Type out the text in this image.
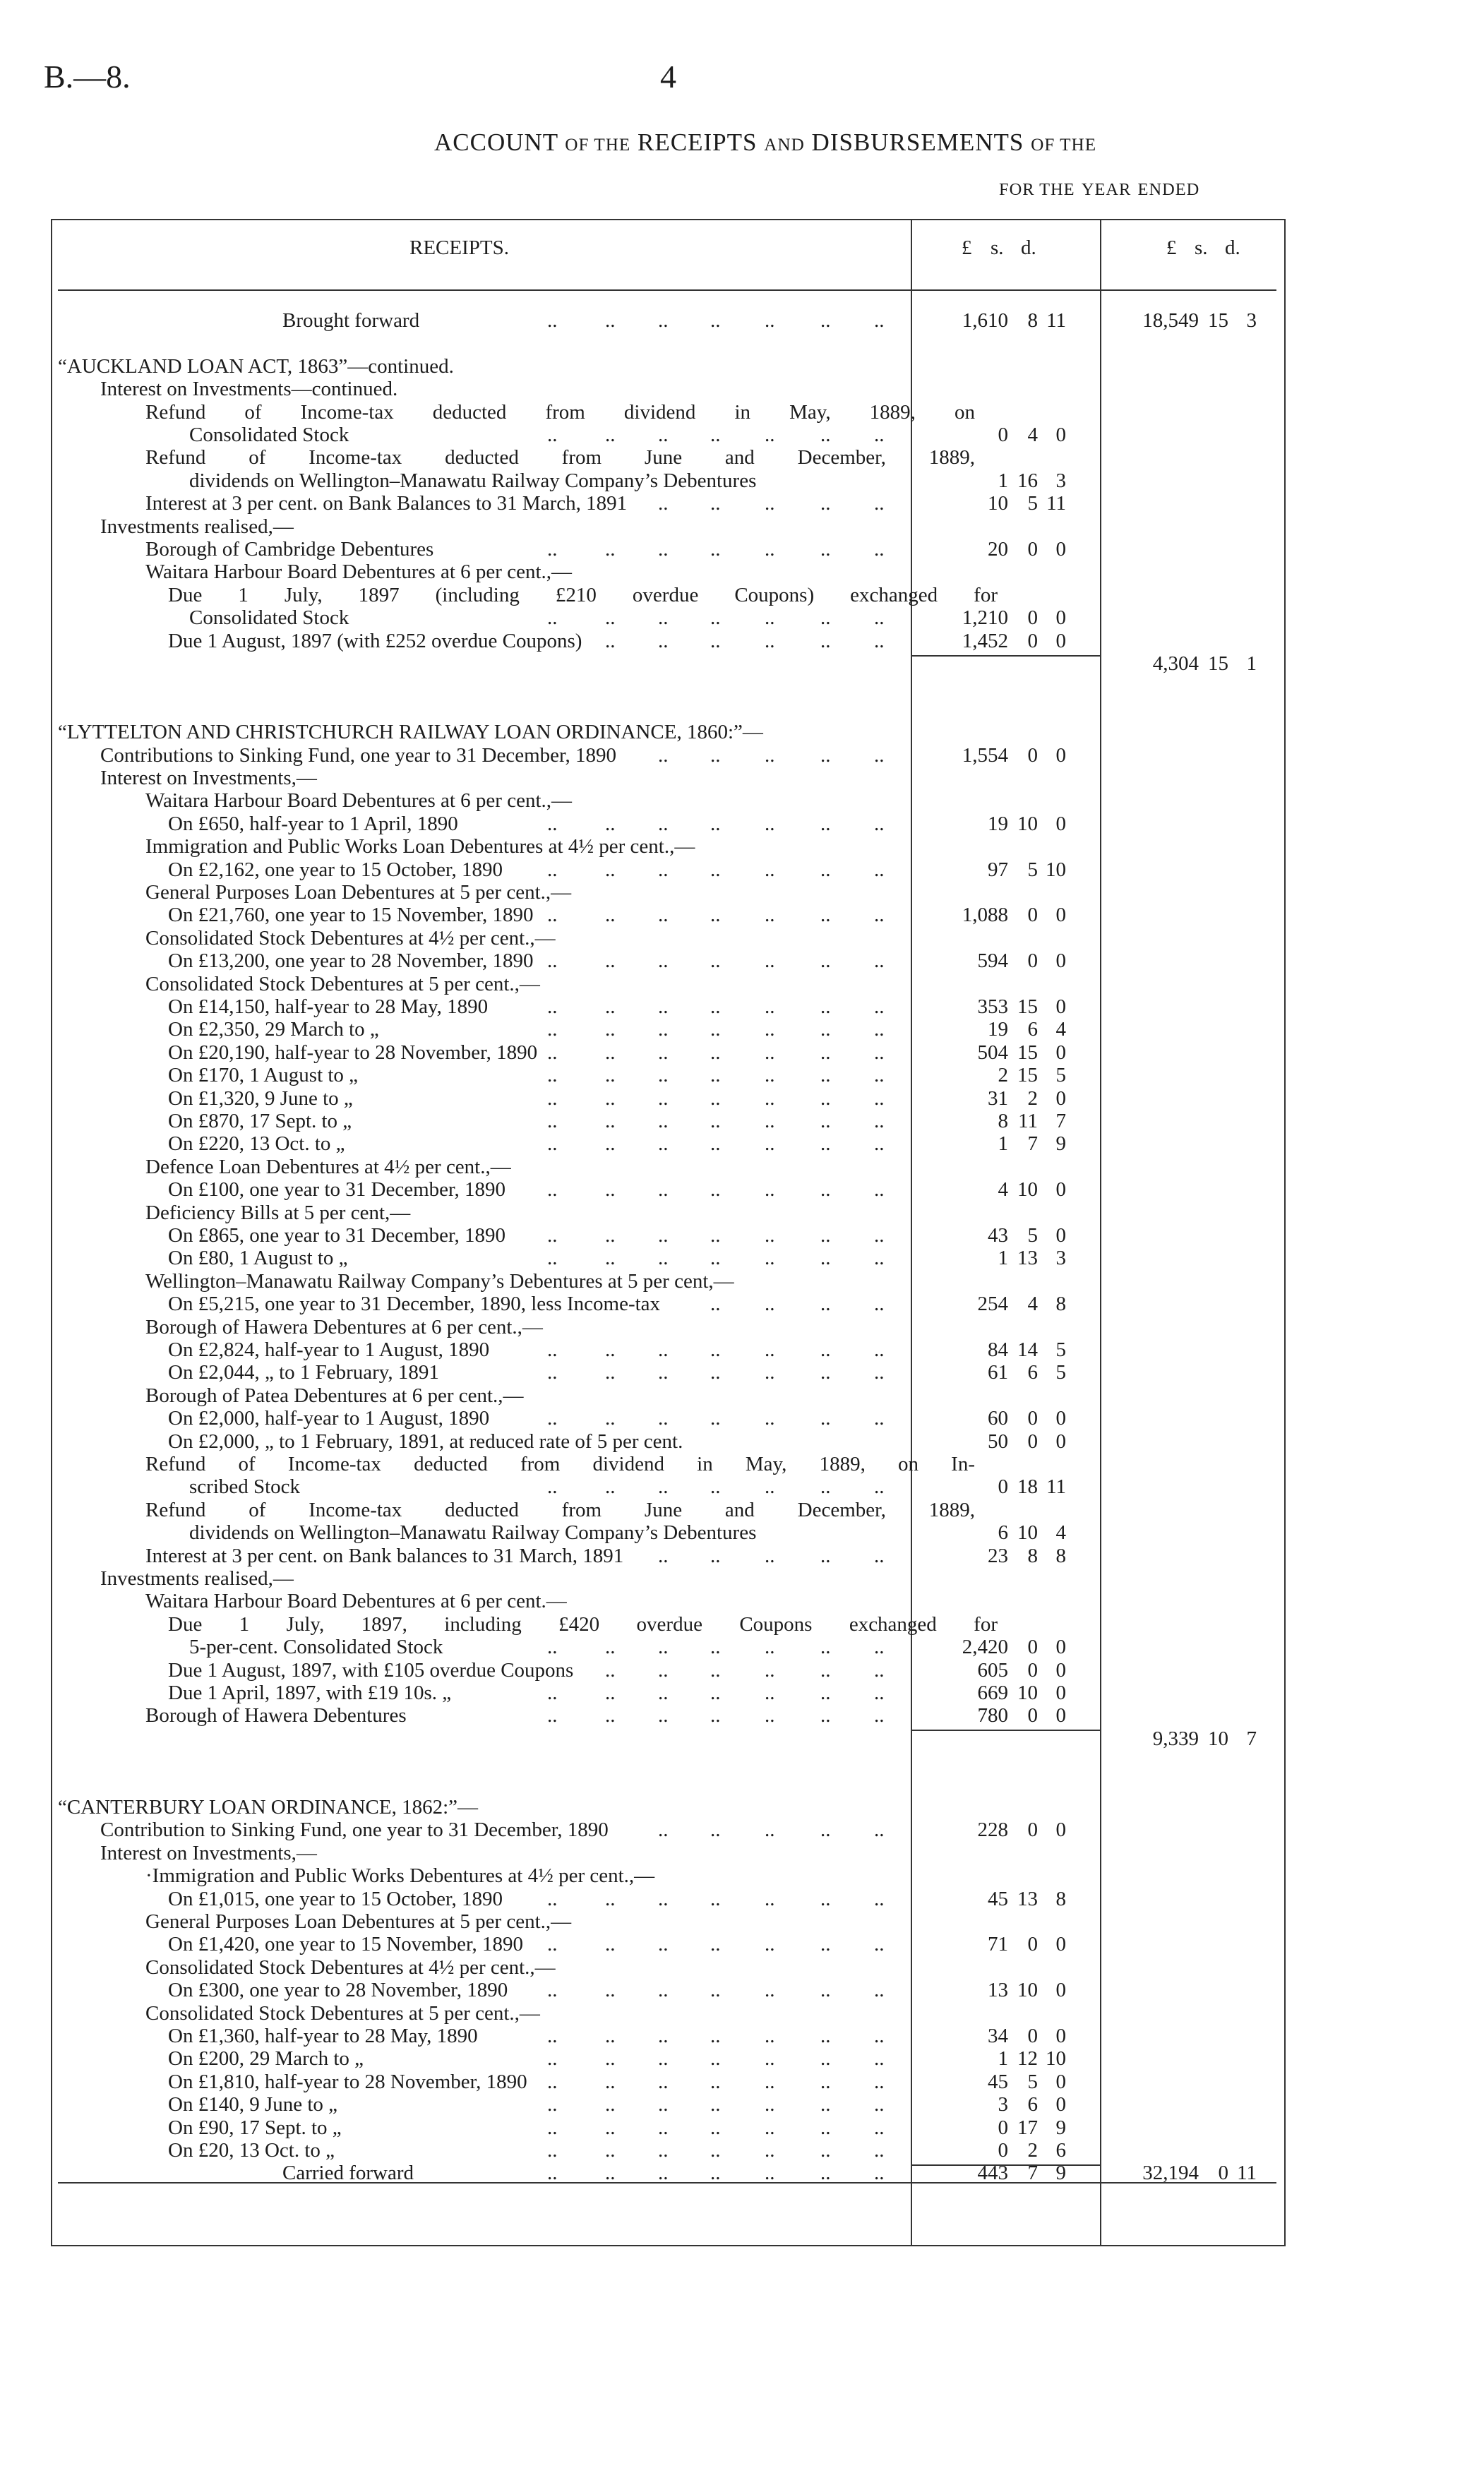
B.—8.	4
ACCOUNT OF THE RECEIPTS AND DISBURSEMENTS OF THE
FOR THE YEAR ENDED
RECEIPTS.	£ s. d.	£ s. d.
Brought forward	.. .. .. .. .. .. ..	1,610 8 11	18,549 15 3
“AUCKLAND LOAN ACT, 1863”—continued.
Interest on Investments—continued.
Refund of Income-tax deducted from dividend in May, 1889, on
Consolidated Stock	.. .. .. .. .. .. ..	0 4 0
Refund of Income-tax deducted from June and December, 1889,
dividends on Wellington–Manawatu Railway Company’s Debentures	1 16 3
Interest at 3 per cent. on Bank Balances to 31 March, 1891 .. .. .. .. ..	10 5 11
Investments realised,—
Borough of Cambridge Debentures	.. .. .. .. .. .. ..	20 0 0
Waitara Harbour Board Debentures at 6 per cent.,—
Due 1 July, 1897 (including £210 overdue Coupons) exchanged for
Consolidated Stock	.. .. .. .. .. .. ..	1,210 0 0
Due 1 August, 1897 (with £252 overdue Coupons) .. .. .. .. .. ..	1,452 0 0
4,304 15 1
“LYTTELTON AND CHRISTCHURCH RAILWAY LOAN ORDINANCE, 1860:”—
Contributions to Sinking Fund, one year to 31 December, 1890 .. .. .. .. ..	1,554 0 0
Interest on Investments,—
Waitara Harbour Board Debentures at 6 per cent.,—
On £650, half-year to 1 April, 1890	.. .. .. .. .. .. ..	19 10 0
Immigration and Public Works Loan Debentures at 4½ per cent.,—
On £2,162, one year to 15 October, 1890 .. .. .. .. .. .. ..	97 5 10
General Purposes Loan Debentures at 5 per cent.,—
On £21,760, one year to 15 November, 1890 .. .. .. .. .. .. ..	1,088 0 0
Consolidated Stock Debentures at 4½ per cent.,—
On £13,200, one year to 28 November, 1890 .. .. .. .. .. .. ..	594 0 0
Consolidated Stock Debentures at 5 per cent.,—
On £14,150, half-year to 28 May, 1890	.. .. .. .. .. .. ..	353 15 0
On £2,350, 29 March to „	.. .. .. .. .. .. ..	19 6 4
On £20,190, half-year to 28 November, 1890 .. .. .. .. .. .. ..	504 15 0
On £170, 1 August to „	.. .. .. .. .. .. ..	2 15 5
On £1,320, 9 June to „	.. .. .. .. .. .. ..	31 2 0
On £870, 17 Sept. to „	.. .. .. .. .. .. ..	8 11 7
On £220, 13 Oct. to „	.. .. .. .. .. .. ..	1 7 9
Defence Loan Debentures at 4½ per cent.,—
On £100, one year to 31 December, 1890 .. .. .. .. .. .. ..	4 10 0
Deficiency Bills at 5 per cent,—
On £865, one year to 31 December, 1890 .. .. .. .. .. .. ..	43 5 0
On £80, 1 August to „	.. .. .. .. .. .. ..	1 13 3
Wellington–Manawatu Railway Company’s Debentures at 5 per cent,—
On £5,215, one year to 31 December, 1890, less Income-tax .. .. .. ..	254 4 8
Borough of Hawera Debentures at 6 per cent.,—
On £2,824, half-year to 1 August, 1890	.. .. .. .. .. .. ..	84 14 5
On £2,044, „ to 1 February, 1891	.. .. .. .. .. .. ..	61 6 5
Borough of Patea Debentures at 6 per cent.,—
On £2,000, half-year to 1 August, 1890	.. .. .. .. .. .. ..	60 0 0
On £2,000, „ to 1 February, 1891, at reduced rate of 5 per cent.	50 0 0
Refund of Income-tax deducted from dividend in May, 1889, on In-
scribed Stock	.. .. .. .. .. .. ..	0 18 11
Refund of Income-tax deducted from June and December, 1889,
dividends on Wellington–Manawatu Railway Company’s Debentures	6 10 4
Interest at 3 per cent. on Bank balances to 31 March, 1891 .. .. .. .. ..	23 8 8
Investments realised,—
Waitara Harbour Board Debentures at 6 per cent.—
Due 1 July, 1897, including £420 overdue Coupons exchanged for
5-per-cent. Consolidated Stock	.. .. .. .. .. .. ..	2,420 0 0
Due 1 August, 1897, with £105 overdue Coupons .. .. .. .. .. ..	605 0 0
Due 1 April, 1897, with £19 10s. „	.. .. .. .. .. .. ..	669 10 0
Borough of Hawera Debentures	.. .. .. .. .. .. ..	780 0 0
9,339 10 7
“CANTERBURY LOAN ORDINANCE, 1862:”—
Contribution to Sinking Fund, one year to 31 December, 1890 .. .. .. .. ..	228 0 0
Interest on Investments,—
·Immigration and Public Works Debentures at 4½ per cent.,—
On £1,015, one year to 15 October, 1890 .. .. .. .. .. .. ..	45 13 8
General Purposes Loan Debentures at 5 per cent.,—
On £1,420, one year to 15 November, 1890 .. .. .. .. .. .. ..	71 0 0
Consolidated Stock Debentures at 4½ per cent.,—
On £300, one year to 28 November, 1890 .. .. .. .. .. .. ..	13 10 0
Consolidated Stock Debentures at 5 per cent.,—
On £1,360, half-year to 28 May, 1890	.. .. .. .. .. .. ..	34 0 0
On £200, 29 March to „	.. .. .. .. .. .. ..	1 12 10
On £1,810, half-year to 28 November, 1890 .. .. .. .. .. .. ..	45 5 0
On £140, 9 June to „	.. .. .. .. .. .. ..	3 6 0
On £90, 17 Sept. to „	.. .. .. .. .. .. ..	0 17 9
On £20, 13 Oct. to „	.. .. .. .. .. .. ..	0 2 6
Carried forward	.. .. .. .. .. .. ..	443 7 9	32,194 0 11
